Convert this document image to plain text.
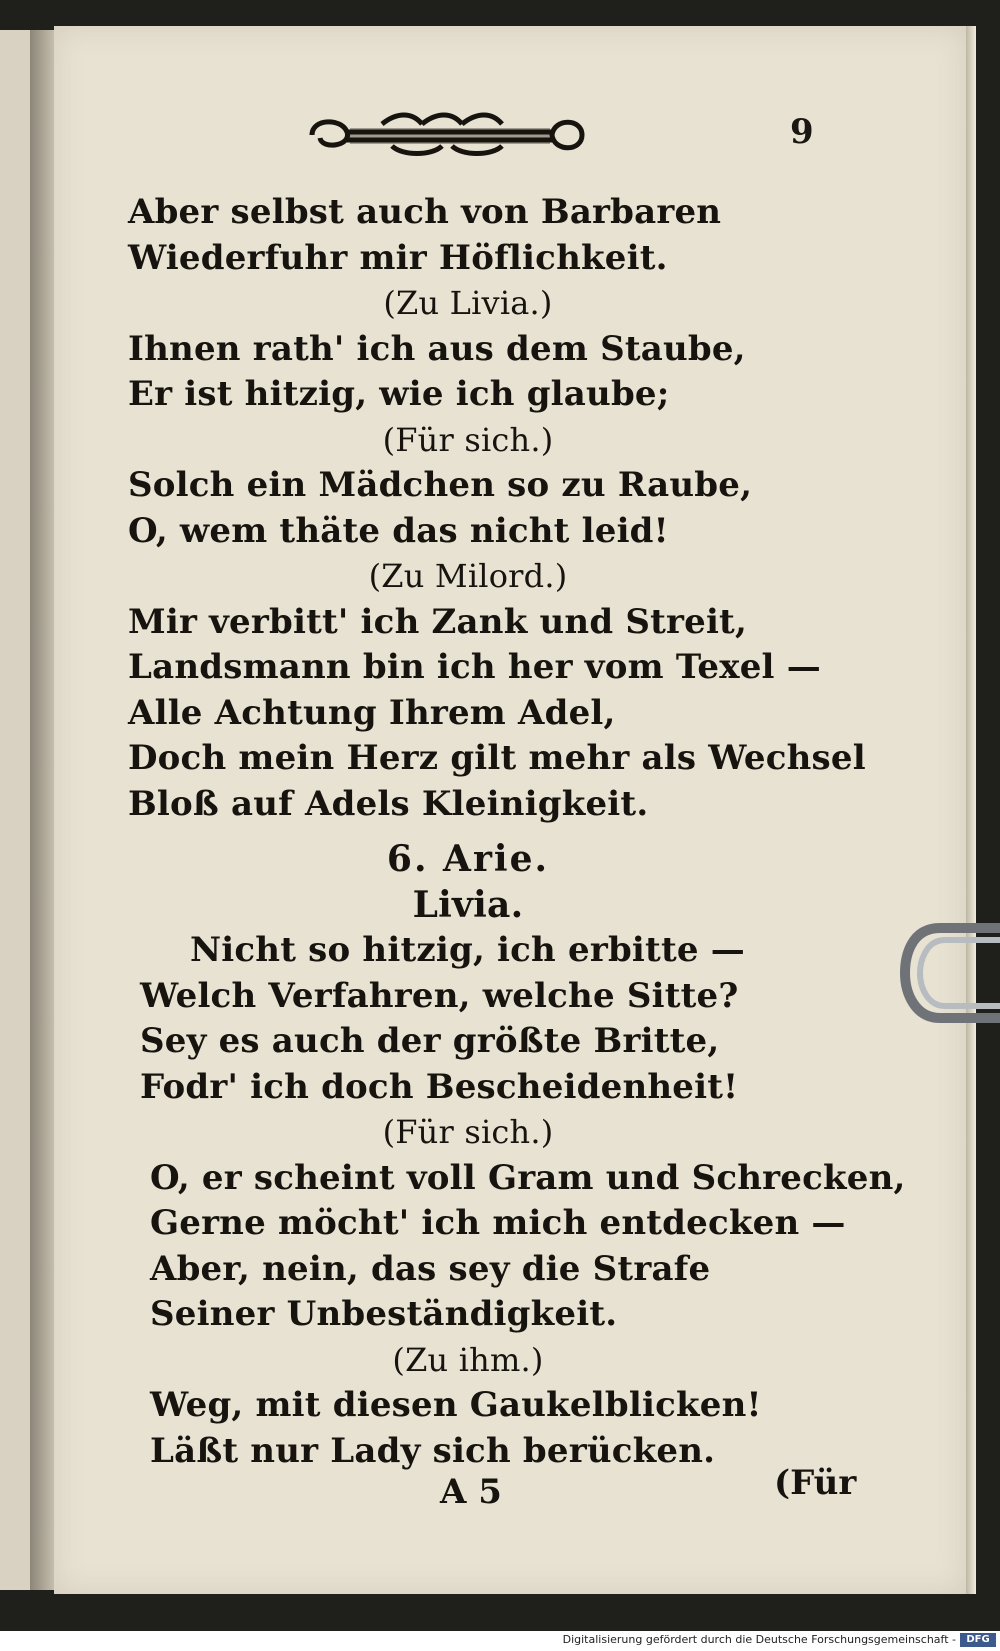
9
Aber selbst auch von Barbaren
Wiederfuhr mir Höflichkeit.
(Zu Livia.)
Ihnen rath' ich aus dem Staube,
Er ist hitzig, wie ich glaube;
(Für sich.)
Solch ein Mädchen so zu Raube,
O, wem thäte das nicht leid!
(Zu Milord.)
Mir verbitt' ich Zank und Streit,
Landsmann bin ich her vom Texel —
Alle Achtung Ihrem Adel,
Doch mein Herz gilt mehr als Wechsel
Bloß auf Adels Kleinigkeit.
6. Arie.
Livia.
Nicht so hitzig, ich erbitte —
Welch Verfahren, welche Sitte?
Sey es auch der größte Britte,
Fodr' ich doch Bescheidenheit!
(Für sich.)
O, er scheint voll Gram und Schrecken,
Gerne möcht' ich mich entdecken —
Aber, nein, das sey die Strafe
Seiner Unbeständigkeit.
(Zu ihm.)
Weg, mit diesen Gaukelblicken!
Läßt nur Lady sich berücken.
A 5	(Für
Digitalisierung gefördert durch die Deutsche Forschungsgemeinschaft -	DFG
